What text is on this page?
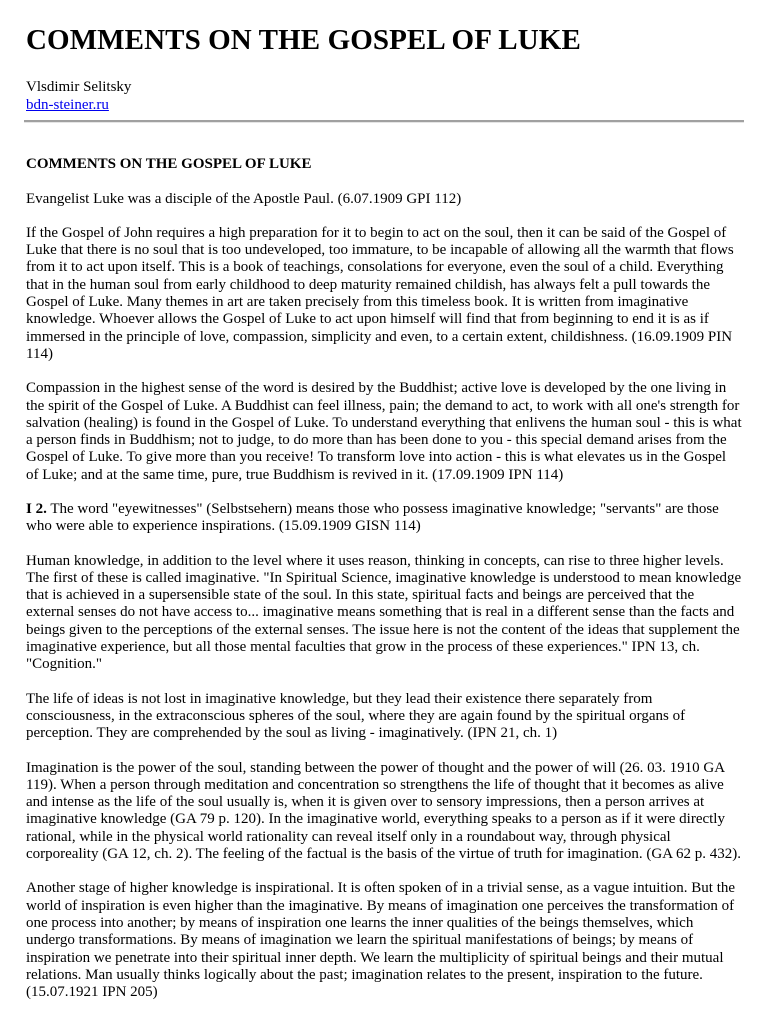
COMMENTS ON THE GOSPEL OF LUKE
Vlsdimir Selitsky
bdn-steiner.ru
COMMENTS ON THE GOSPEL OF LUKE

Evangelist Luke was a disciple of the Apostle Paul. (6.07.1909 GPI 112)

If the Gospel of John requires a high preparation for it to begin to act on the soul, then it can be said of the Gospel of Luke that there is no soul that is too undeveloped, too immature, to be incapable of allowing all the warmth that flows from it to act upon itself. This is a book of teachings, consolations for everyone, even the soul of a child. Everything that in the human soul from early childhood to deep maturity remained childish, has always felt a pull towards the Gospel of Luke. Many themes in art are taken precisely from this timeless book. It is written from imaginative knowledge. Whoever allows the Gospel of Luke to act upon himself will find that from beginning to end it is as if immersed in the principle of love, compassion, simplicity and even, to a certain extent, childishness. (16.09.1909 PIN 114)

Compassion in the highest sense of the word is desired by the Buddhist; active love is developed by the one living in the spirit of the Gospel of Luke. A Buddhist can feel illness, pain; the demand to act, to work with all one's strength for salvation (healing) is found in the Gospel of Luke. To understand everything that enlivens the human soul - this is what a person finds in Buddhism; not to judge, to do more than has been done to you - this special demand arises from the Gospel of Luke. To give more than you receive! To transform love into action - this is what elevates us in the Gospel of Luke; and at the same time, pure, true Buddhism is revived in it. (17.09.1909 IPN 114)

I 2. The word "eyewitnesses" (Selbstsehern) means those who possess imaginative knowledge; "servants" are those who were able to experience inspirations. (15.09.1909 GISN 114)

Human knowledge, in addition to the level where it uses reason, thinking in concepts, can rise to three higher levels. The first of these is called imaginative. "In Spiritual Science, imaginative knowledge is understood to mean knowledge that is achieved in a supersensible state of the soul. In this state, spiritual facts and beings are perceived that the external senses do not have access to... imaginative means something that is real in a different sense than the facts and beings given to the perceptions of the external senses. The issue here is not the content of the ideas that supplement the imaginative experience, but all those mental faculties that grow in the process of these experiences." IPN 13, ch. "Cognition."

The life of ideas is not lost in imaginative knowledge, but they lead their existence there separately from consciousness, in the extraconscious spheres of the soul, where they are again found by the spiritual organs of perception. They are comprehended by the soul as living - imaginatively. (IPN 21, ch. 1)

Imagination is the power of the soul, standing between the power of thought and the power of will (26. 03. 1910 GA 119). When a person through meditation and concentration so strengthens the life of thought that it becomes as alive and intense as the life of the soul usually is, when it is given over to sensory impressions, then a person arrives at imaginative knowledge (GA 79 p. 120). In the imaginative world, everything speaks to a person as if it were directly rational, while in the physical world rationality can reveal itself only in a roundabout way, through physical corporeality (GA 12, ch. 2). The feeling of the factual is the basis of the virtue of truth for imagination. (GA 62 p. 432).

Another stage of higher knowledge is inspirational. It is often spoken of in a trivial sense, as a vague intuition. But the world of inspiration is even higher than the imaginative. By means of imagination one perceives the transformation of one process into another; by means of inspiration one learns the inner qualities of the beings themselves, which undergo transformations. By means of imagination we learn the spiritual manifestations of beings; by means of inspiration we penetrate into their spiritual inner depth. We learn the multiplicity of spiritual beings and their mutual relations. Man usually thinks logically about the past; imagination relates to the present, inspiration to the future. (15.07.1921 IPN 205)
